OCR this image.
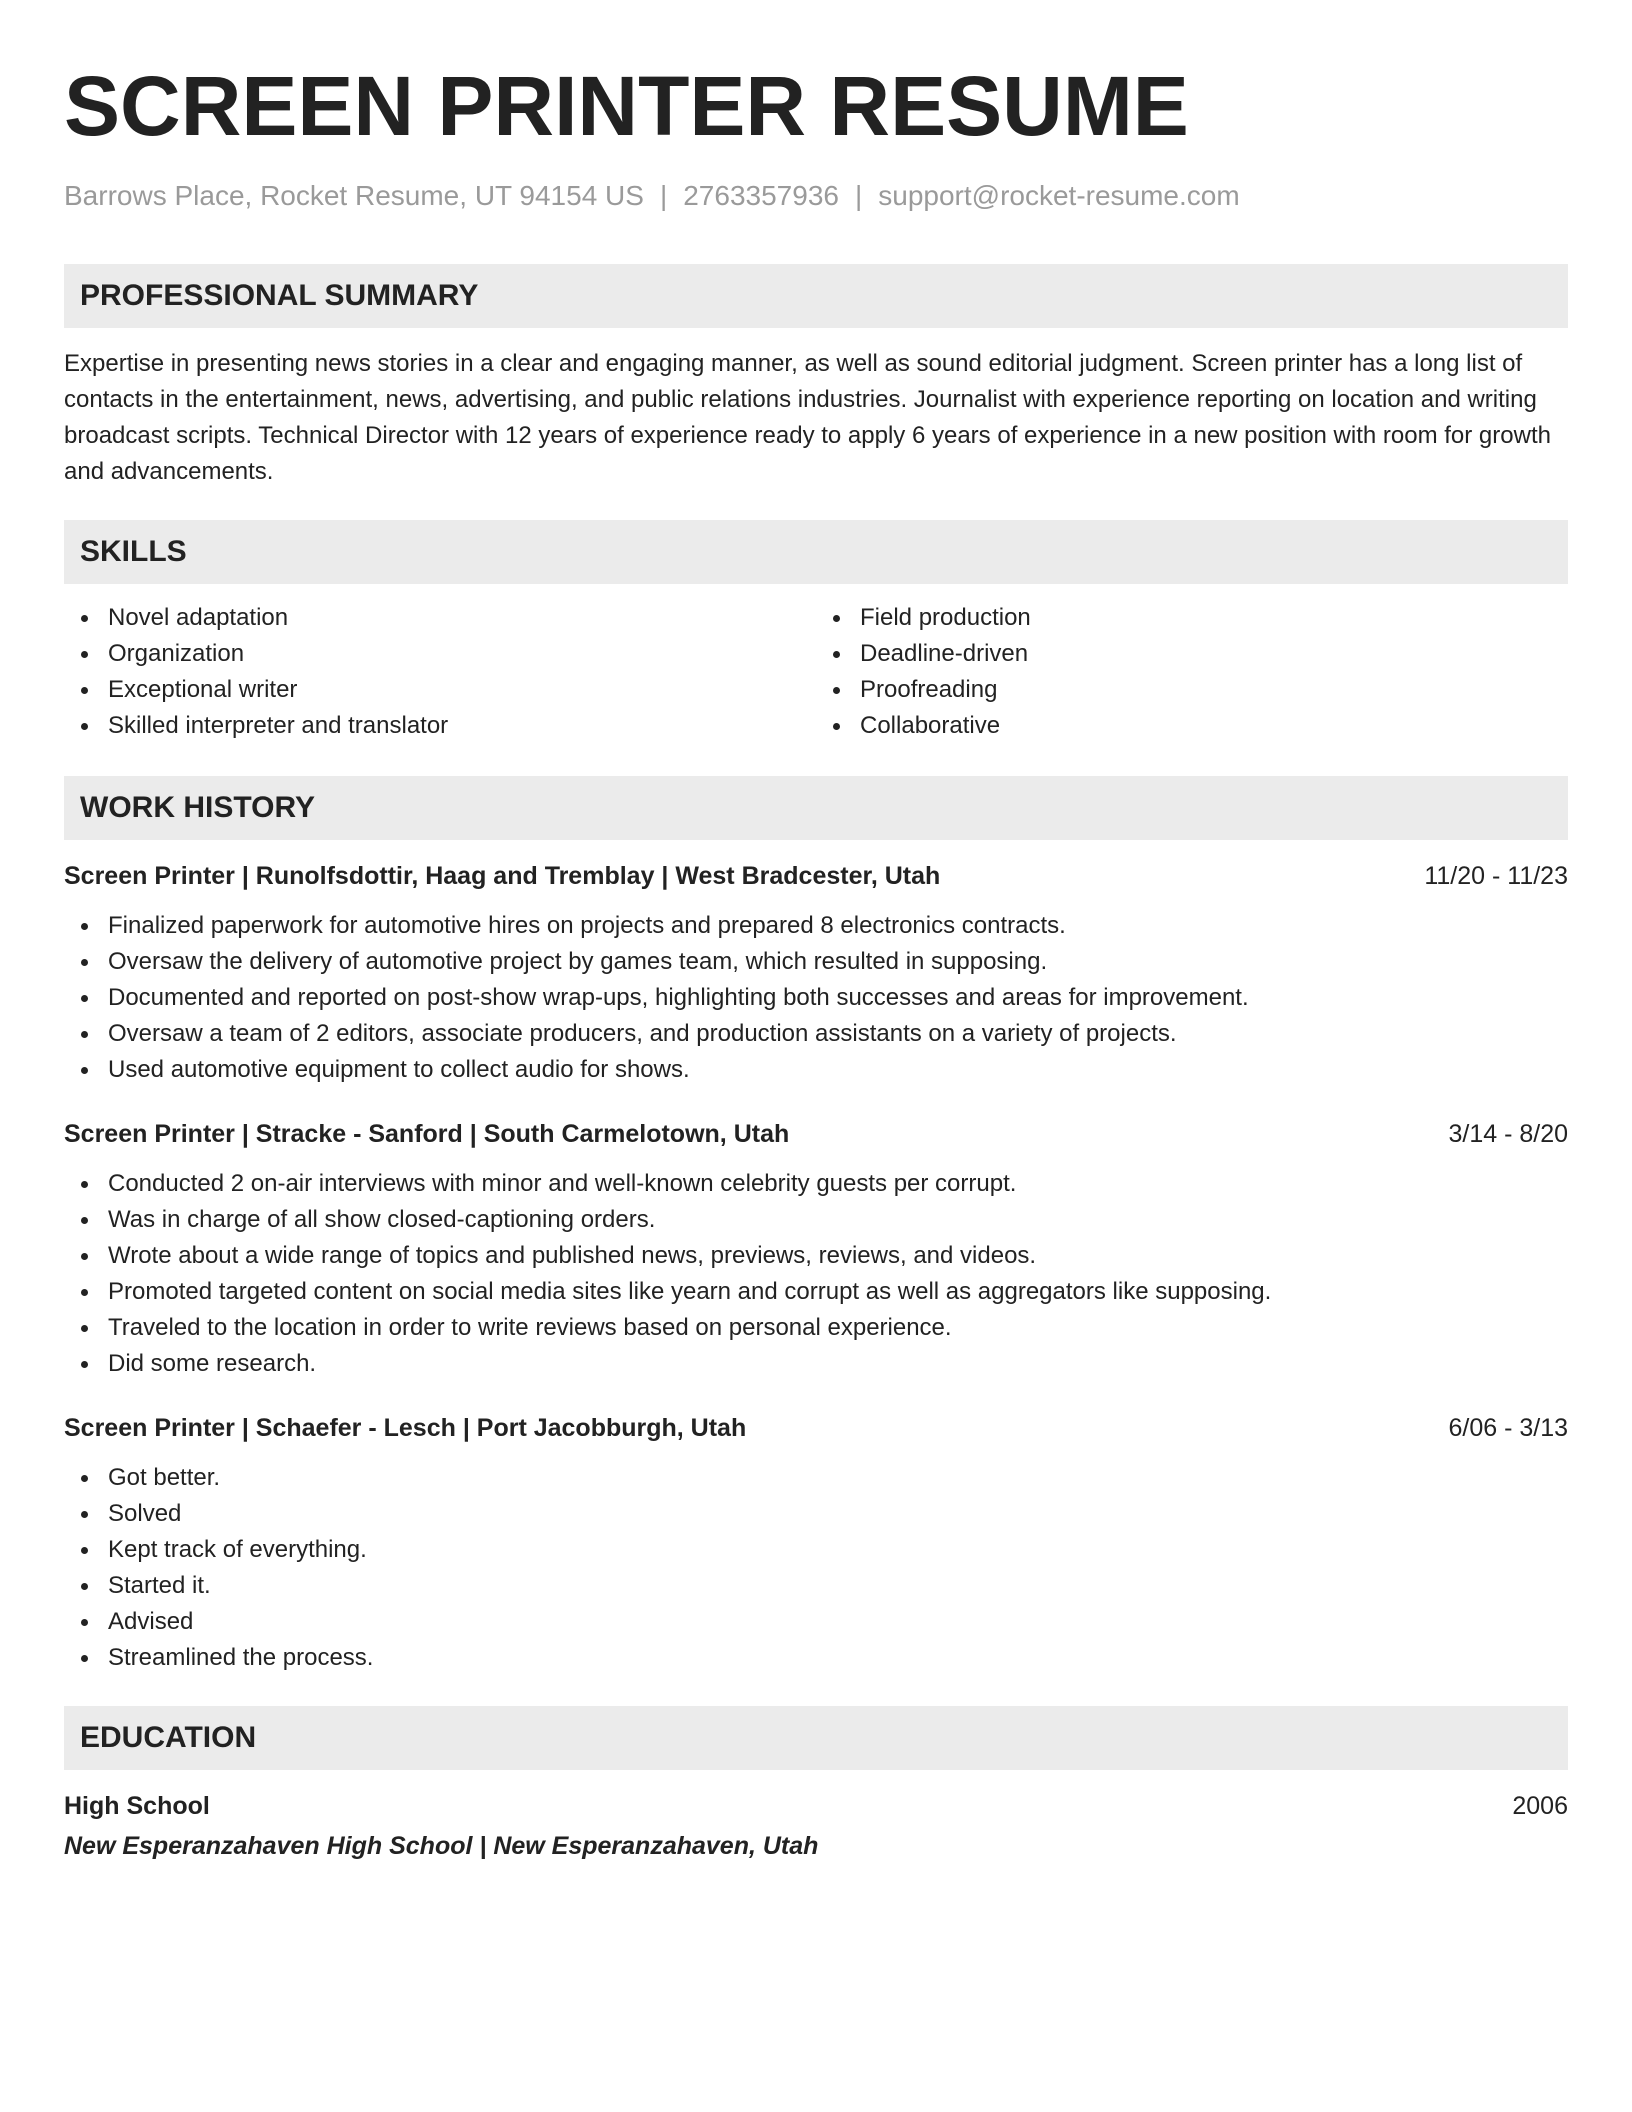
SCREEN PRINTER RESUME
Barrows Place, Rocket Resume, UT 94154 US | 2763357936 | support@rocket-resume.com
PROFESSIONAL SUMMARY
Expertise in presenting news stories in a clear and engaging manner, as well as sound editorial judgment. Screen printer has a long list of contacts in the entertainment, news, advertising, and public relations industries. Journalist with experience reporting on location and writing broadcast scripts. Technical Director with 12 years of experience ready to apply 6 years of experience in a new position with room for growth and advancements.
SKILLS
Novel adaptation
Organization
Exceptional writer
Skilled interpreter and translator
Field production
Deadline-driven
Proofreading
Collaborative
WORK HISTORY
Screen Printer | Runolfsdottir, Haag and Tremblay | West Bradcester, Utah	11/20 - 11/23
Finalized paperwork for automotive hires on projects and prepared 8 electronics contracts.
Oversaw the delivery of automotive project by games team, which resulted in supposing.
Documented and reported on post-show wrap-ups, highlighting both successes and areas for improvement.
Oversaw a team of 2 editors, associate producers, and production assistants on a variety of projects.
Used automotive equipment to collect audio for shows.
Screen Printer | Stracke - Sanford | South Carmelotown, Utah	3/14 - 8/20
Conducted 2 on-air interviews with minor and well-known celebrity guests per corrupt.
Was in charge of all show closed-captioning orders.
Wrote about a wide range of topics and published news, previews, reviews, and videos.
Promoted targeted content on social media sites like yearn and corrupt as well as aggregators like supposing.
Traveled to the location in order to write reviews based on personal experience.
Did some research.
Screen Printer | Schaefer - Lesch | Port Jacobburgh, Utah	6/06 - 3/13
Got better.
Solved
Kept track of everything.
Started it.
Advised
Streamlined the process.
EDUCATION
High School	2006
New Esperanzahaven High School | New Esperanzahaven, Utah
